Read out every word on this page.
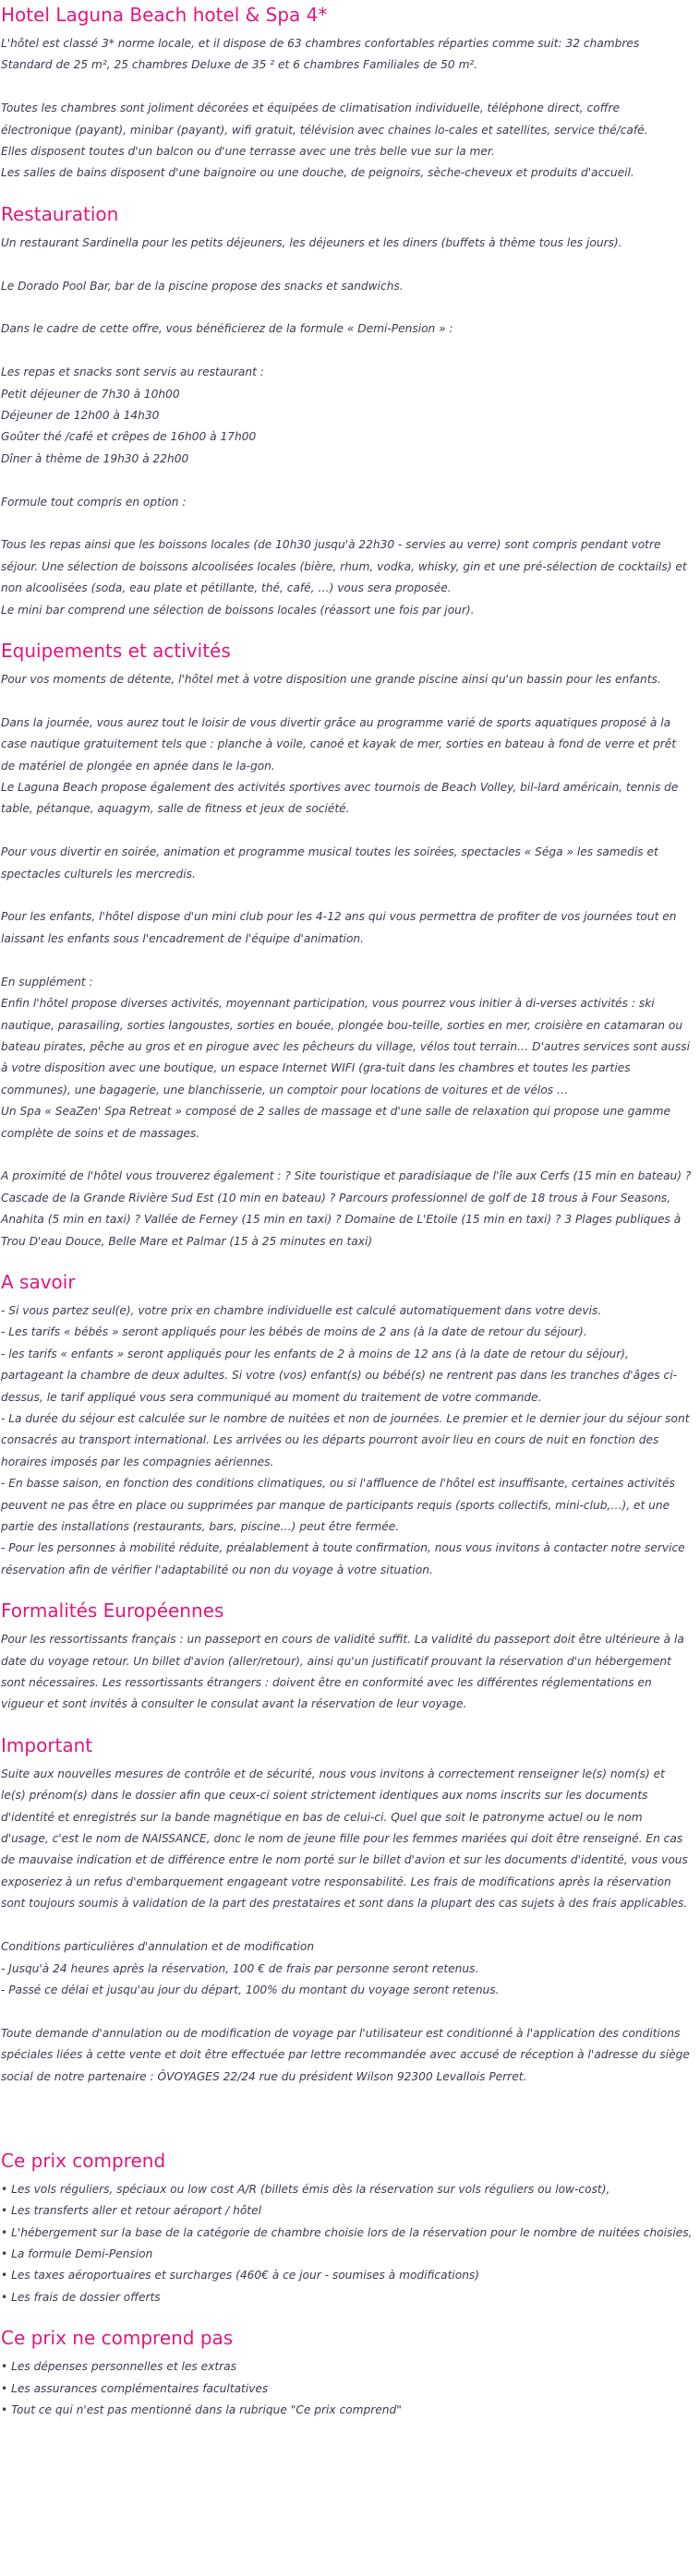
Hotel Laguna Beach hotel & Spa 4*
L'hôtel est classé 3* norme locale, et il dispose de 63 chambres confortables réparties comme suit: 32 chambres Standard de 25 m², 25 chambres Deluxe de 35 ² et 6 chambres Familiales de 50 m².
Toutes les chambres sont joliment décorées et équipées de climatisation individuelle, téléphone direct, coffre électronique (payant), minibar (payant), wifi gratuit, télévision avec chaines lo-cales et satellites, service thé/café.
Elles disposent toutes d'un balcon ou d'une terrasse avec une très belle vue sur la mer.
Les salles de bains disposent d'une baignoire ou une douche, de peignoirs, sèche-cheveux et produits d'accueil.
Restauration
Un restaurant Sardinella pour les petits déjeuners, les déjeuners et les diners (buffets à thème tous les jours).
Le Dorado Pool Bar, bar de la piscine propose des snacks et sandwichs.
Dans le cadre de cette offre, vous bénéficierez de la formule « Demi-Pension » :
Les repas et snacks sont servis au restaurant :
Petit déjeuner de 7h30 à 10h00
Déjeuner de 12h00 à 14h30
Goûter thé /café et crêpes de 16h00 à 17h00
Dîner à thème de 19h30 à 22h00
Formule tout compris en option :
Tous les repas ainsi que les boissons locales (de 10h30 jusqu'à 22h30 - servies au verre) sont compris pendant votre séjour. Une sélection de boissons alcoolisées locales (bière, rhum, vodka, whisky, gin et une pré-sélection de cocktails) et non alcoolisées (soda, eau plate et pétillante, thé, café, …) vous sera proposée.
Le mini bar comprend une sélection de boissons locales (réassort une fois par jour).
Equipements et activités
Pour vos moments de détente, l'hôtel met à votre disposition une grande piscine ainsi qu'un bassin pour les enfants.
Dans la journée, vous aurez tout le loisir de vous divertir grâce au programme varié de sports aquatiques proposé à la case nautique gratuitement tels que : planche à voile, canoé et kayak de mer, sorties en bateau à fond de verre et prêt de matériel de plongée en apnée dans le la-gon.
Le Laguna Beach propose également des activités sportives avec tournois de Beach Volley, bil-lard américain, tennis de table, pétanque, aquagym, salle de fitness et jeux de société.
Pour vous divertir en soirée, animation et programme musical toutes les soirées, spectacles « Séga » les samedis et spectacles culturels les mercredis.
Pour les enfants, l'hôtel dispose d'un mini club pour les 4-12 ans qui vous permettra de profiter de vos journées tout en laissant les enfants sous l'encadrement de l'équipe d'animation.
En supplément :
Enfin l'hôtel propose diverses activités, moyennant participation, vous pourrez vous initier à di-verses activités : ski nautique, parasailing, sorties langoustes, sorties en bouée, plongée bou-teille, sorties en mer, croisière en catamaran ou bateau pirates, pêche au gros et en pirogue avec les pêcheurs du village, vélos tout terrain… D'autres services sont aussi à votre disposition avec une boutique, un espace Internet WIFI (gra-tuit dans les chambres et toutes les parties communes), une bagagerie, une blanchisserie, un comptoir pour locations de voitures et de vélos …
Un Spa « SeaZen' Spa Retreat » composé de 2 salles de massage et d'une salle de relaxation qui propose une gamme complète de soins et de massages.
A proximité de l'hôtel vous trouverez également : ? Site touristique et paradisiaque de l'île aux Cerfs (15 min en bateau) ? Cascade de la Grande Rivière Sud Est (10 min en bateau) ? Parcours professionnel de golf de 18 trous à Four Seasons, Anahita (5 min en taxi) ? Vallée de Ferney (15 min en taxi) ? Domaine de L'Etoile (15 min en taxi) ? 3 Plages publiques à Trou D'eau Douce, Belle Mare et Palmar (15 à 25 minutes en taxi)
A savoir
- Si vous partez seul(e), votre prix en chambre individuelle est calculé automatiquement dans votre devis.
- Les tarifs « bébés » seront appliqués pour les bébés de moins de 2 ans (à la date de retour du séjour).
- les tarifs « enfants » seront appliqués pour les enfants de 2 à moins de 12 ans (à la date de retour du séjour), partageant la chambre de deux adultes. Si votre (vos) enfant(s) ou bébé(s) ne rentrent pas dans les tranches d'âges ci-dessus, le tarif appliqué vous sera communiqué au moment du traitement de votre commande.
- La durée du séjour est calculée sur le nombre de nuitées et non de journées. Le premier et le dernier jour du séjour sont consacrés au transport international. Les arrivées ou les départs pourront avoir lieu en cours de nuit en fonction des horaires imposés par les compagnies aériennes.
- En basse saison, en fonction des conditions climatiques, ou si l'affluence de l'hôtel est insuffisante, certaines activités peuvent ne pas être en place ou supprimées par manque de participants requis (sports collectifs, mini-club,…), et une partie des installations (restaurants, bars, piscine…) peut être fermée.
- Pour les personnes à mobilité réduite, préalablement à toute confirmation, nous vous invitons à contacter notre service réservation afin de vérifier l'adaptabilité ou non du voyage à votre situation.
Formalités Européennes
Pour les ressortissants français : un passeport en cours de validité suffit. La validité du passeport doit être ultérieure à la date du voyage retour. Un billet d'avion (aller/retour), ainsi qu'un justificatif prouvant la réservation d'un hébergement sont nécessaires. Les ressortissants étrangers : doivent être en conformité avec les différentes réglementations en vigueur et sont invités à consulter le consulat avant la réservation de leur voyage.
Important
Suite aux nouvelles mesures de contrôle et de sécurité, nous vous invitons à correctement renseigner le(s) nom(s) et le(s) prénom(s) dans le dossier afin que ceux-ci soient strictement identiques aux noms inscrits sur les documents d'identité et enregistrés sur la bande magnétique en bas de celui-ci. Quel que soit le patronyme actuel ou le nom d'usage, c'est le nom de NAISSANCE, donc le nom de jeune fille pour les femmes mariées qui doit être renseigné. En cas de mauvaise indication et de différence entre le nom porté sur le billet d'avion et sur les documents d'identité, vous vous exposeriez à un refus d'embarquement engageant votre responsabilité. Les frais de modifications après la réservation sont toujours soumis à validation de la part des prestataires et sont dans la plupart des cas sujets à des frais applicables.
Conditions particulières d'annulation et de modification
- Jusqu'à 24 heures après la réservation, 100 € de frais par personne seront retenus.
- Passé ce délai et jusqu'au jour du départ, 100% du montant du voyage seront retenus.
Toute demande d'annulation ou de modification de voyage par l'utilisateur est conditionné à l'application des conditions spéciales liées à cette vente et doit être effectuée par lettre recommandée avec accusé de réception à l'adresse du siège social de notre partenaire : ÔVOYAGES 22/24 rue du président Wilson 92300 Levallois Perret.
Ce prix comprend
• Les vols réguliers, spéciaux ou low cost A/R (billets émis dès la réservation sur vols réguliers ou low-cost),
• Les transferts aller et retour aéroport / hôtel
• L'hébergement sur la base de la catégorie de chambre choisie lors de la réservation pour le nombre de nuitées choisies,
• La formule Demi-Pension
• Les taxes aéroportuaires et surcharges (460€ à ce jour - soumises à modifications)
• Les frais de dossier offerts
Ce prix ne comprend pas
• Les dépenses personnelles et les extras
• Les assurances complémentaires facultatives
• Tout ce qui n'est pas mentionné dans la rubrique "Ce prix comprend"
